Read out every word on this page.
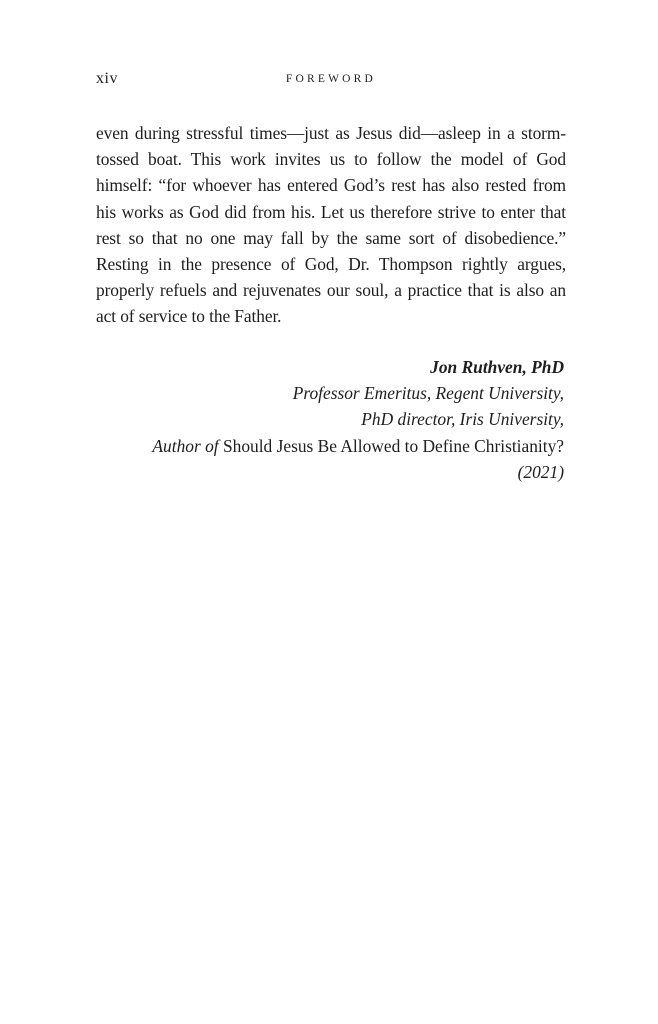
xiv	FOREWORD

even during stressful times—just as Jesus did—asleep in a storm-tossed boat. This work invites us to follow the model of God himself: “for whoever has entered God’s rest has also rested from his works as God did from his. Let us therefore strive to enter that rest so that no one may fall by the same sort of disobedience.” Resting in the presence of God, Dr. Thompson rightly argues, properly refuels and rejuvenates our soul, a practice that is also an act of service to the Father.

Jon Ruthven, PhD
Professor Emeritus, Regent University,
PhD director, Iris University,
Author of Should Jesus Be Allowed to Define Christianity?
(2021)
